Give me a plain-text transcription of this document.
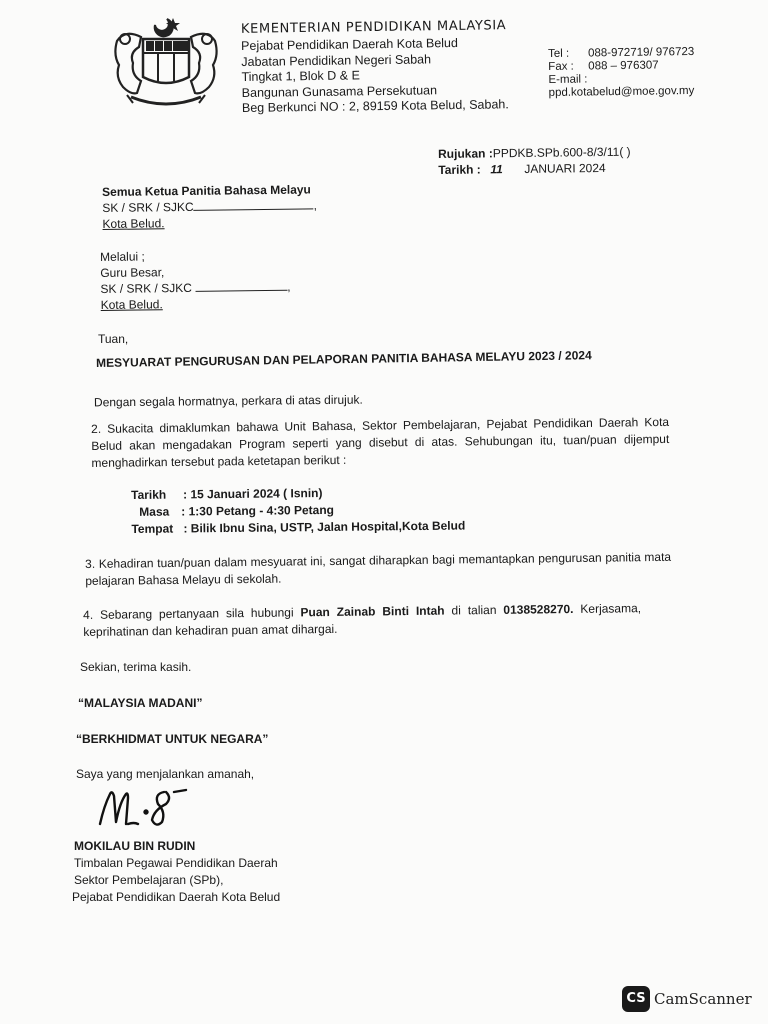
KEMENTERIAN PENDIDIKAN MALAYSIA
Pejabat Pendidikan Daerah Kota Belud
Jabatan Pendidikan Negeri Sabah
Tingkat 1, Blok D & E
Bangunan Gunasama Persekutuan
Beg Berkunci NO : 2, 89159 Kota Belud, Sabah.
Tel : 088-972719/ 976723
Fax : 088 – 976307
E-mail :
ppd.kotabelud@moe.gov.my
Rujukan :PPDKB.SPb.600-8/3/11( )
Tarikh : 11 JANUARI 2024
Semua Ketua Panitia Bahasa Melayu
SK / SRK / SJKC	,
Kota Belud.
Melalui ;
Guru Besar,
SK / SRK / SJKC	,
Kota Belud.
Tuan,
MESYUARAT PENGURUSAN DAN PELAPORAN PANITIA BAHASA MELAYU 2023 / 2024
Dengan segala hormatnya, perkara di atas dirujuk.
2. Sukacita dimaklumkan bahawa Unit Bahasa, Sektor Pembelajaran, Pejabat Pendidikan Daerah Kota Belud akan mengadakan Program seperti yang disebut di atas. Sehubungan itu, tuan/puan dijemput menghadirkan tersebut pada ketetapan berikut :
Tarikh : 15 Januari 2024 ( Isnin)
Masa : 1:30 Petang - 4:30 Petang
Tempat : Bilik Ibnu Sina, USTP, Jalan Hospital,Kota Belud
3. Kehadiran tuan/puan dalam mesyuarat ini, sangat diharapkan bagi memantapkan pengurusan panitia mata pelajaran Bahasa Melayu di sekolah.
4. Sebarang pertanyaan sila hubungi Puan Zainab Binti Intah di talian 0138528270. Kerjasama, keprihatinan dan kehadiran puan amat dihargai.
Sekian, terima kasih.
“MALAYSIA MADANI”
“BERKHIDMAT UNTUK NEGARA”
Saya yang menjalankan amanah,
MOKILAU BIN RUDIN
Timbalan Pegawai Pendidikan Daerah
Sektor Pembelajaran (SPb),
Pejabat Pendidikan Daerah Kota Belud
CS CamScanner
